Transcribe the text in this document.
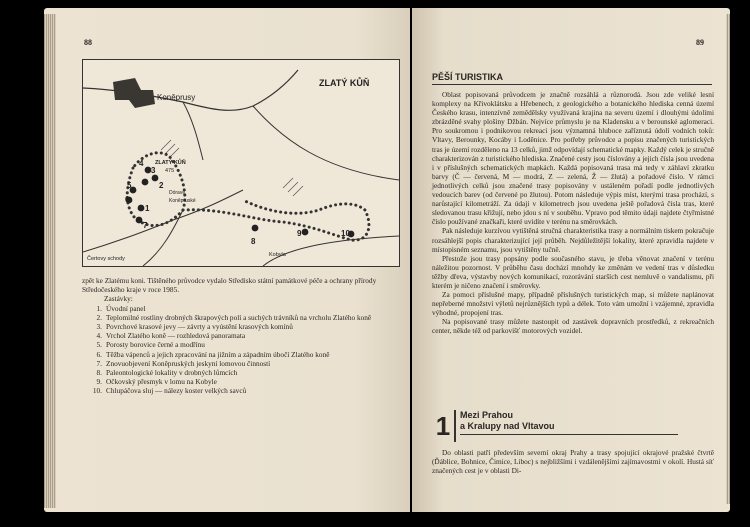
88
1
2
3
4
5
6
7
8
9	10
ZLATÝ KŮŇ
Koněprusy
ZLATÝ KŮŇ
475
Dóravé
Koněpruské
Čertovy schody
Kobyla

zpět ke Zlatému koni. Tištěného průvodce vydalo Středisko státní památkové péče a ochrany přírody Středočeského kraje v roce 1985.

Zastávky:

1. Úvodní panel
2. Teplomilné rostliny drobných škrapových polí a suchých trávníků na vrcholu Zlatého koně
3. Povrchové krasové jevy — závrty a vyústění krasových komínů
4. Vrchol Zlatého koně — rozhledová panoramata
5. Porosty borovice černé a modřínu
6. Těžba vápenců a jejich zpracování na jižním a západním úbočí Zlatého koně
7. Znovuobjevení Koněpruských jeskyní lomovou činností
8. Paleontologické lokality v drobných lůmcích
9. Očkovský přesmyk v lomu na Kobyle
10. Chlupáčova sluj — nálezy koster velkých savců
89
PĚŠÍ TURISTIKA

Oblast popisovaná průvodcem je značně rozsáhlá a různorodá. Jsou zde veliké lesní komplexy na Křivoklátsku a Hřebenech, z geologického a botanického hlediska cenná území Českého krasu, intenzívně zemědělsky využívaná krajina na severu území i dlouhými údolími zbrázděné svahy plošiny Džbán. Nejvíce průmyslu je na Kladensku a v berounské aglomeraci. Pro soukromou i podnikovou rekreaci jsou významná hluboce zaříznutá údolí vodních toků: Vltavy, Berounky, Kocáby i Loděnice. Pro potřeby průvodce a popisu značených turistických tras je území rozděleno na 13 celků, jimž odpovídají schematické mapky. Každý celek je stručně charakterizován z turistického hlediska. Značené cesty jsou číslovány a jejich čísla jsou uvedena i v příslušných schematických mapkách. Každá popisovaná trasa má tedy v záhlaví zkratku barvy (Č — červená, M — modrá, Z — zelená, Ž — žlutá) a pořadové číslo. V rámci jednotlivých celků jsou značené trasy popisovány v ustáleném pořadí podle jednotlivých vedoucích barev (od červené po žlutou). Potom následuje výpis míst, kterými trasa prochází, s narůstající kilometráží. Za údaji v kilometrech jsou uvedena ještě pořadová čísla tras, které sledovanou trasu křižují, nebo jdou s ní v souběhu. Vpravo pod těmito údaji najdete čtyřmístné číslo používané značkaři, které uvidíte v terénu na směrovkách.

Pak následuje kurzívou vytištěná stručná charakteristika trasy a normálním tiskem pokračuje rozsáhlejší popis charakterizující její průběh. Nejdůležitější lokality, které zpravidla najdete v místopisném seznamu, jsou vytištěny tučně.

Přestože jsou trasy popsány podle současného stavu, je třeba věnovat značení v terénu náležitou pozornost. V průběhu času dochází mnohdy ke změnám ve vedení tras v důsledku těžby dřeva, výstavby nových komunikací, rozorávání starších cest nemluvě o vandalismu, při kterém je ničeno značení i směrovky.

Za pomoci příslušné mapy, případně příslušných turistických map, si můžete naplánovat nepřeberné množství výletů nejrůznějších typů a délek. Toto vám umožní i vzájemné, zpravidla výhodné, propojení tras.

Na popisované trasy můžete nastoupit od zastávek dopravních prostředků, z rekreačních center, někde též od parkovišť motorových vozidel.

1 Mezi Prahou
a Kralupy nad Vltavou

Do oblasti patří především severní okraj Prahy a trasy spojující okrajové pražské čtvrtě (Ďáblice, Bohnice, Čimice, Liboc) s nejbližšími i vzdálenějšími zajímavostmi v okolí. Hustá síť značených cest je v oblasti Di-
